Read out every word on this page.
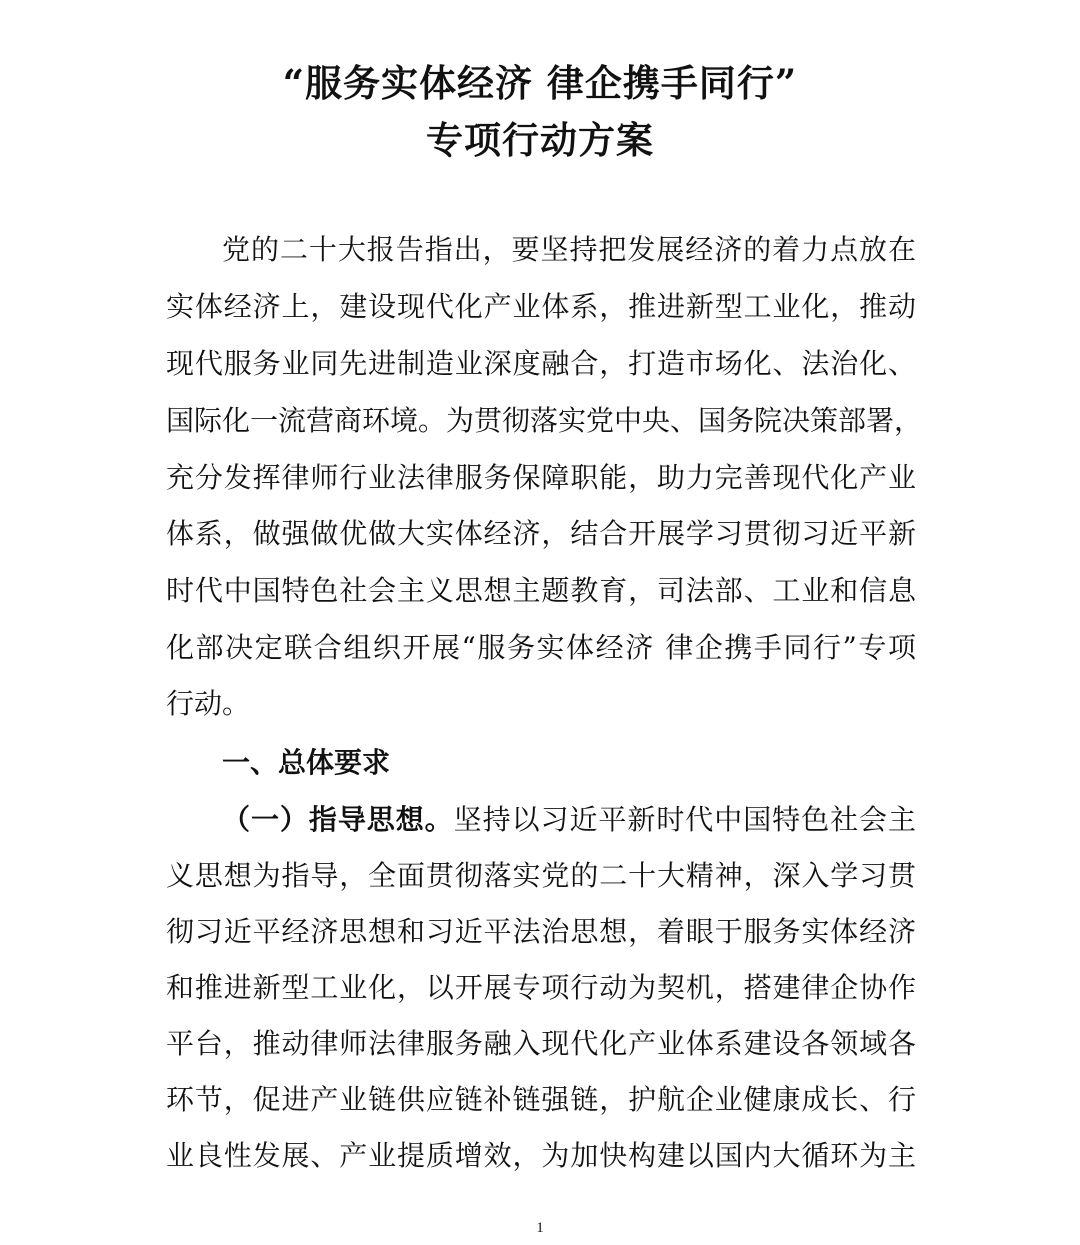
“服务实体经济 律企携手同行”
专项行动方案
党的二十大报告指出，要坚持把发展经济的着力点放在
实体经济上，建设现代化产业体系，推进新型工业化，推动
现代服务业同先进制造业深度融合，打造市场化、法治化、
国际化一流营商环境。为贯彻落实党中央、国务院决策部署，
充分发挥律师行业法律服务保障职能，助力完善现代化产业
体系，做强做优做大实体经济，结合开展学习贯彻习近平新
时代中国特色社会主义思想主题教育，司法部、工业和信息
化部决定联合组织开展“服务实体经济 律企携手同行”专项
行动。
一、总体要求
（一）指导思想。坚持以习近平新时代中国特色社会主
义思想为指导，全面贯彻落实党的二十大精神，深入学习贯
彻习近平经济思想和习近平法治思想，着眼于服务实体经济
和推进新型工业化，以开展专项行动为契机，搭建律企协作
平台，推动律师法律服务融入现代化产业体系建设各领域各
环节，促进产业链供应链补链强链，护航企业健康成长、行
业良性发展、产业提质增效，为加快构建以国内大循环为主
1
